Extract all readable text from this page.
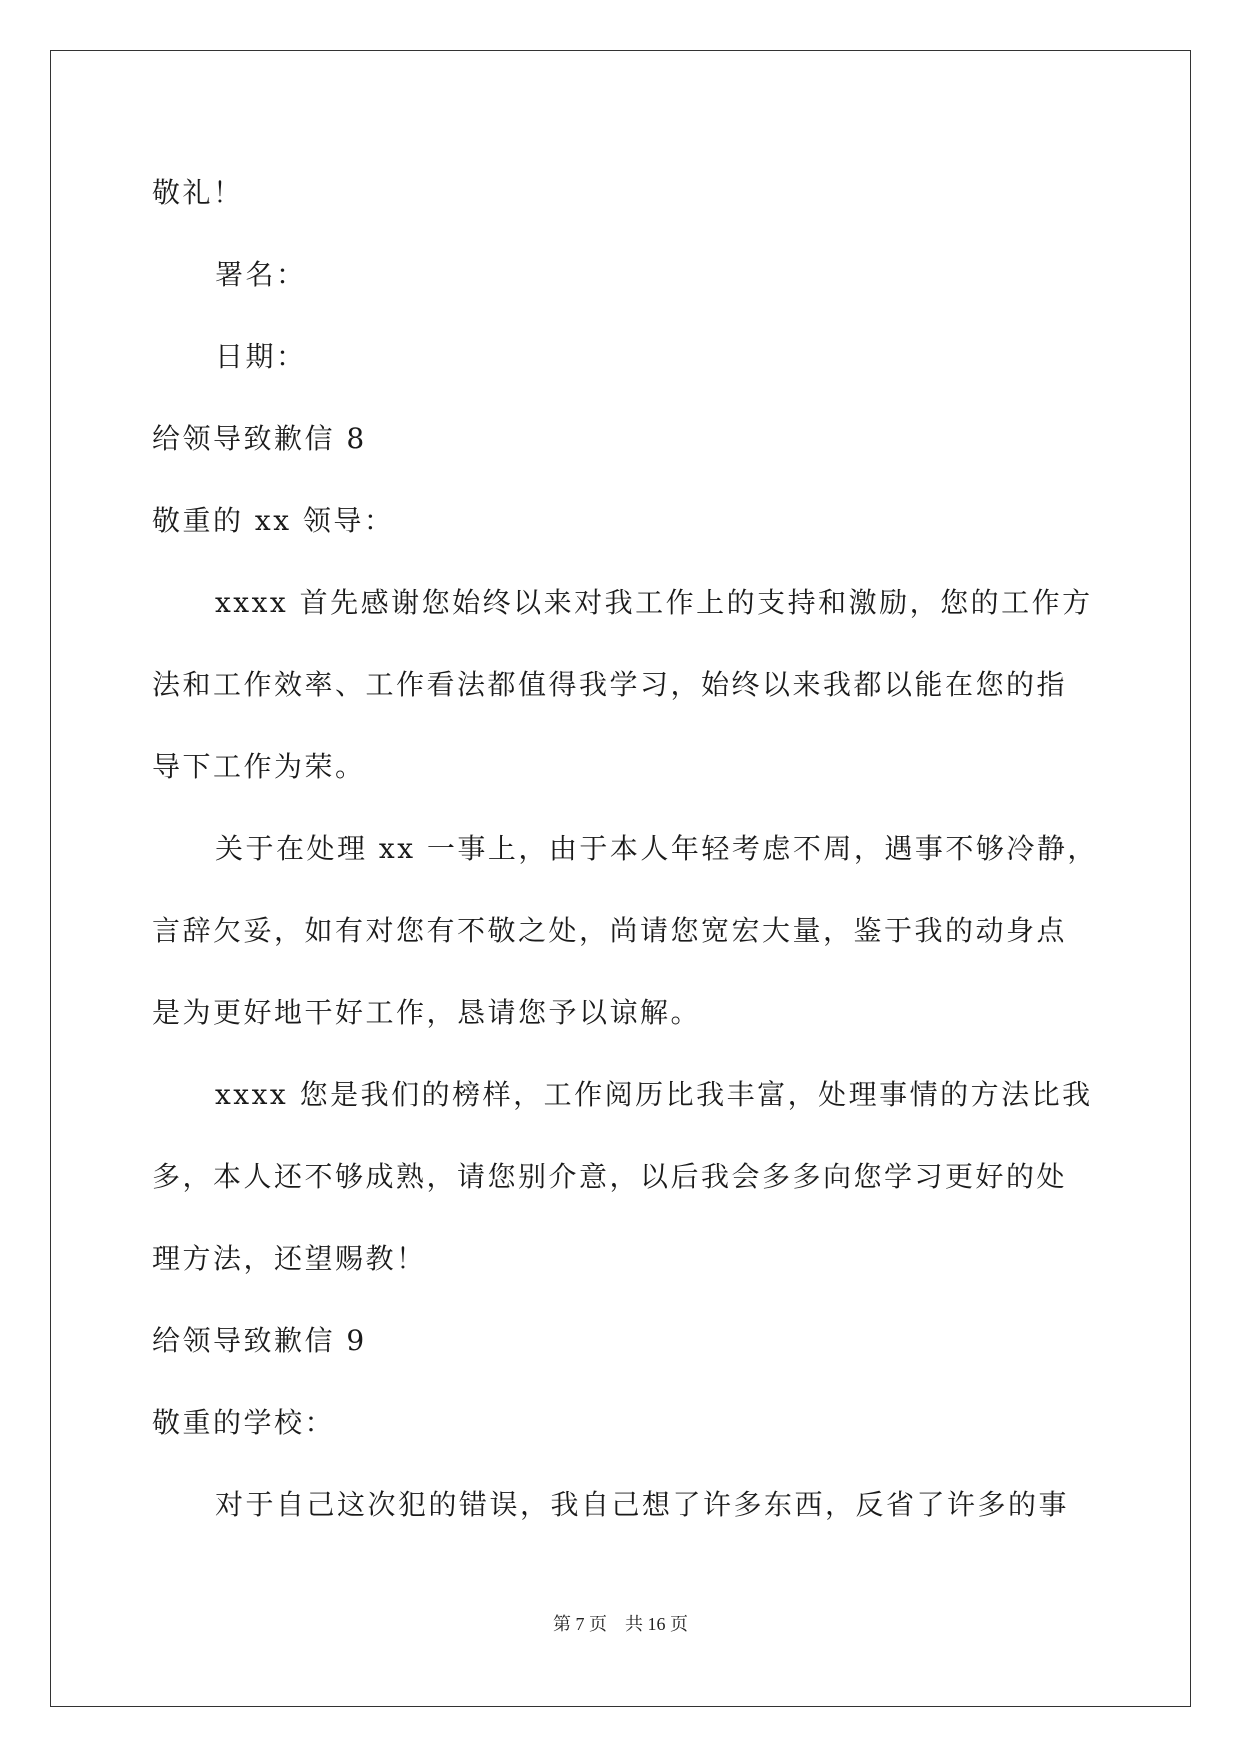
敬礼！

署名：

日期：

给领导致歉信 8

敬重的 xx 领导：

xxxx 首先感谢您始终以来对我工作上的支持和激励，您的工作方

法和工作效率、工作看法都值得我学习，始终以来我都以能在您的指

导下工作为荣。

关于在处理 xx 一事上，由于本人年轻考虑不周，遇事不够冷静，

言辞欠妥，如有对您有不敬之处，尚请您宽宏大量，鉴于我的动身点

是为更好地干好工作，恳请您予以谅解。

xxxx 您是我们的榜样，工作阅历比我丰富，处理事情的方法比我

多，本人还不够成熟，请您别介意，以后我会多多向您学习更好的处

理方法，还望赐教！

给领导致歉信 9

敬重的学校：

对于自己这次犯的错误，我自己想了许多东西，反省了许多的事

第 7 页    共 16 页
